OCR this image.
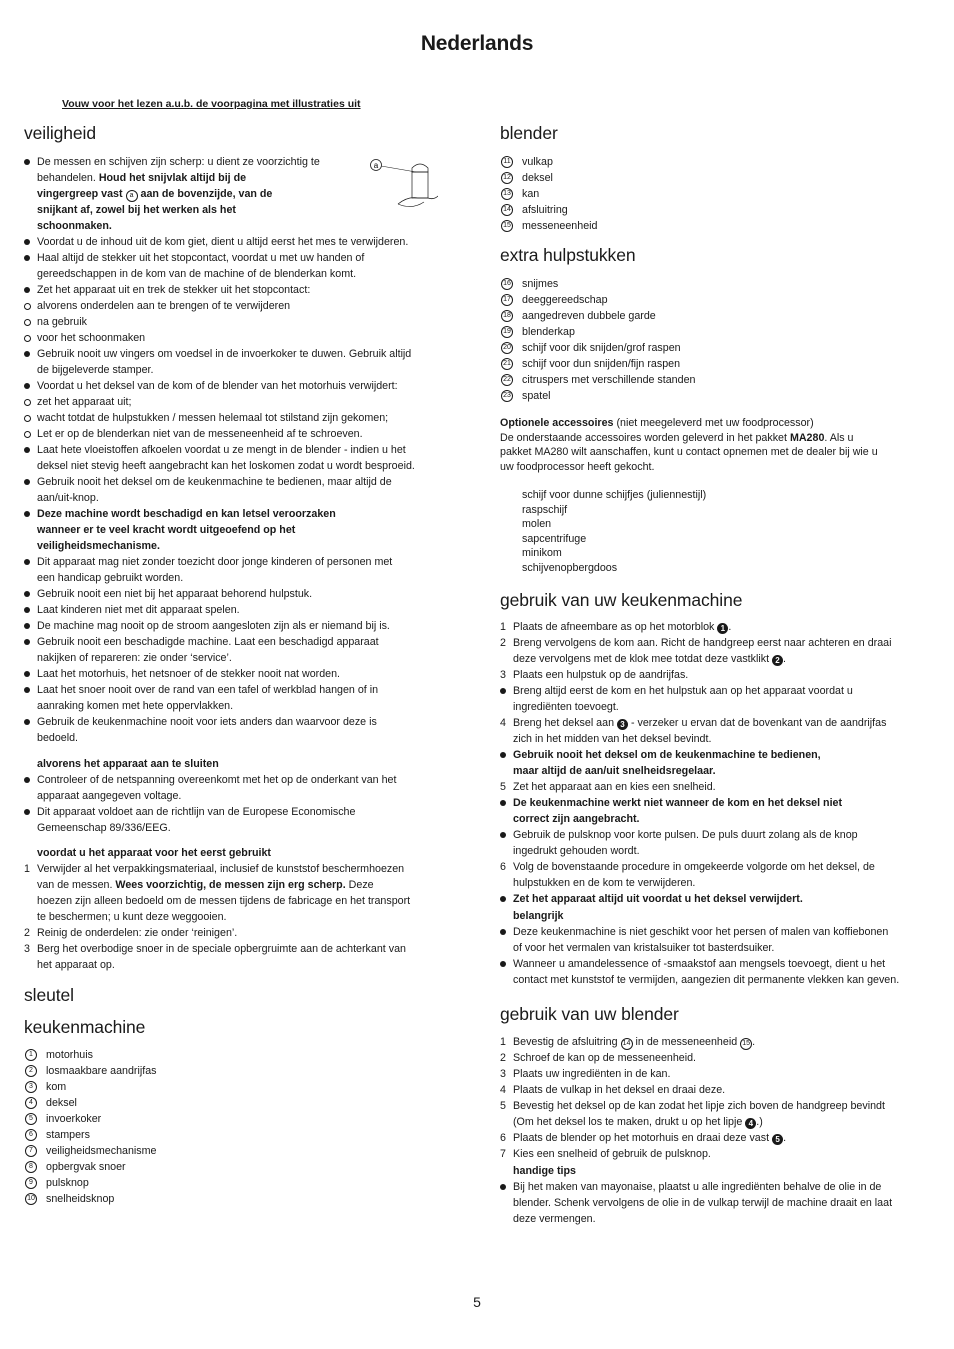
Nederlands
Vouw voor het lezen a.u.b. de voorpagina met illustraties uit
veiligheid
a
De messen en schijven zijn scherp: u dient ze voorzichtig te
behandelen. Houd het snijvlak altijd bij de
vingergreep vast a aan de bovenzijde, van de
snijkant af, zowel bij het werken als het
schoonmaken.
Voordat u de inhoud uit de kom giet, dient u altijd eerst het mes te verwijderen.
Haal altijd de stekker uit het stopcontact, voordat u met uw handen of
gereedschappen in de kom van de machine of de blenderkan komt.
Zet het apparaat uit en trek de stekker uit het stopcontact:
alvorens onderdelen aan te brengen of te verwijderen
na gebruik
voor het schoonmaken
Gebruik nooit uw vingers om voedsel in de invoerkoker te duwen. Gebruik altijd
de bijgeleverde stamper.
Voordat u het deksel van de kom of de blender van het motorhuis verwijdert:
zet het apparaat uit;
wacht totdat de hulpstukken / messen helemaal tot stilstand zijn gekomen;
Let er op de blenderkan niet van de messeneenheid af te schroeven.
Laat hete vloeistoffen afkoelen voordat u ze mengt in de blender - indien u het
deksel niet stevig heeft aangebracht kan het loskomen zodat u wordt besproeid.
Gebruik nooit het deksel om de keukenmachine te bedienen, maar altijd de
aan/uit-knop.
Deze machine wordt beschadigd en kan letsel veroorzaken
wanneer er te veel kracht wordt uitgeoefend op het
veiligheidsmechanisme.
Dit apparaat mag niet zonder toezicht door jonge kinderen of personen met
een handicap gebruikt worden.
Gebruik nooit een niet bij het apparaat behorend hulpstuk.
Laat kinderen niet met dit apparaat spelen.
De machine mag nooit op de stroom aangesloten zijn als er niemand bij is.
Gebruik nooit een beschadigde machine. Laat een beschadigd apparaat
nakijken of repareren: zie onder ‘service’.
Laat het motorhuis, het netsnoer of de stekker nooit nat worden.
Laat het snoer nooit over de rand van een tafel of werkblad hangen of in
aanraking komen met hete oppervlakken.
Gebruik de keukenmachine nooit voor iets anders dan waarvoor deze is
bedoeld.
alvorens het apparaat aan te sluiten
Controleer of de netspanning overeenkomt met het op de onderkant van het
apparaat aangegeven voltage.
Dit apparaat voldoet aan de richtlijn van de Europese Economische
Gemeenschap 89/336/EEG.
voordat u het apparaat voor het eerst gebruikt
1 Verwijder al het verpakkingsmateriaal, inclusief de kunststof beschermhoezen
van de messen. Wees voorzichtig, de messen zijn erg scherp. Deze
hoezen zijn alleen bedoeld om de messen tijdens de fabricage en het transport
te beschermen; u kunt deze weggooien.
2 Reinig de onderdelen: zie onder ‘reinigen’.
3 Berg het overbodige snoer in de speciale opbergruimte aan de achterkant van
het apparaat op.
sleutel
keukenmachine
1	motorhuis
2	losmaakbare aandrijfas
3	kom
4	deksel
5	invoerkoker
6	stampers
7	veiligheidsmechanisme
8	opbergvak snoer
9	pulsknop
10 snelheidsknop
blender
11 vulkap
12 deksel
13 kan
14 afsluitring
15 messeneenheid
extra hulpstukken
16 snijmes
17 deeggereedschap
18 aangedreven dubbele garde
19 blenderkap
20 schijf voor dik snijden/grof raspen
21 schijf voor dun snijden/fijn raspen
22 citruspers met verschillende standen
23 spatel
Optionele accessoires (niet meegeleverd met uw foodprocessor)
De onderstaande accessoires worden geleverd in het pakket MA280. Als u
pakket MA280 wilt aanschaffen, kunt u contact opnemen met de dealer bij wie u
uw foodprocessor heeft gekocht.
schijf voor dunne schijfjes (juliennestijl)
raspschijf
molen
sapcentrifuge
minikom
schijvenopbergdoos
gebruik van uw keukenmachine
1 Plaats de afneembare as op het motorblok 1 .
2 Breng vervolgens de kom aan. Richt de handgreep eerst naar achteren en draai
deze vervolgens met de klok mee totdat deze vastklikt 2 .
3 Plaats een hulpstuk op de aandrijfas.
Breng altijd eerst de kom en het hulpstuk aan op het apparaat voordat u
ingrediënten toevoegt.
4 Breng het deksel aan 3 - verzeker u ervan dat de bovenkant van de aandrijfas
zich in het midden van het deksel bevindt.
Gebruik nooit het deksel om de keukenmachine te bedienen,
maar altijd de aan/uit snelheidsregelaar.
5 Zet het apparaat aan en kies een snelheid.
De keukenmachine werkt niet wanneer de kom en het deksel niet
correct zijn aangebracht.
Gebruik de pulsknop voor korte pulsen. De puls duurt zolang als de knop
ingedrukt gehouden wordt.
6 Volg de bovenstaande procedure in omgekeerde volgorde om het deksel, de
hulpstukken en de kom te verwijderen.
Zet het apparaat altijd uit voordat u het deksel verwijdert.
belangrijk
Deze keukenmachine is niet geschikt voor het persen of malen van koffiebonen
of voor het vermalen van kristalsuiker tot basterdsuiker.
Wanneer u amandelessence of -smaakstof aan mengsels toevoegt, dient u het
contact met kunststof te vermijden, aangezien dit permanente vlekken kan geven.
gebruik van uw blender
1 Bevestig de afsluitring 14 in de messeneenheid 15 .
2 Schroef de kan op de messeneenheid.
3 Plaats uw ingrediënten in de kan.
4 Plaats de vulkap in het deksel en draai deze.
5 Bevestig het deksel op de kan zodat het lipje zich boven de handgreep bevindt
(Om het deksel los te maken, drukt u op het lipje 4 .)
6 Plaats de blender op het motorhuis en draai deze vast 5 .
7 Kies een snelheid of gebruik de pulsknop.
handige tips
Bij het maken van mayonaise, plaatst u alle ingrediënten behalve de olie in de
blender. Schenk vervolgens de olie in de vulkap terwijl de machine draait en laat
deze vermengen.
5
